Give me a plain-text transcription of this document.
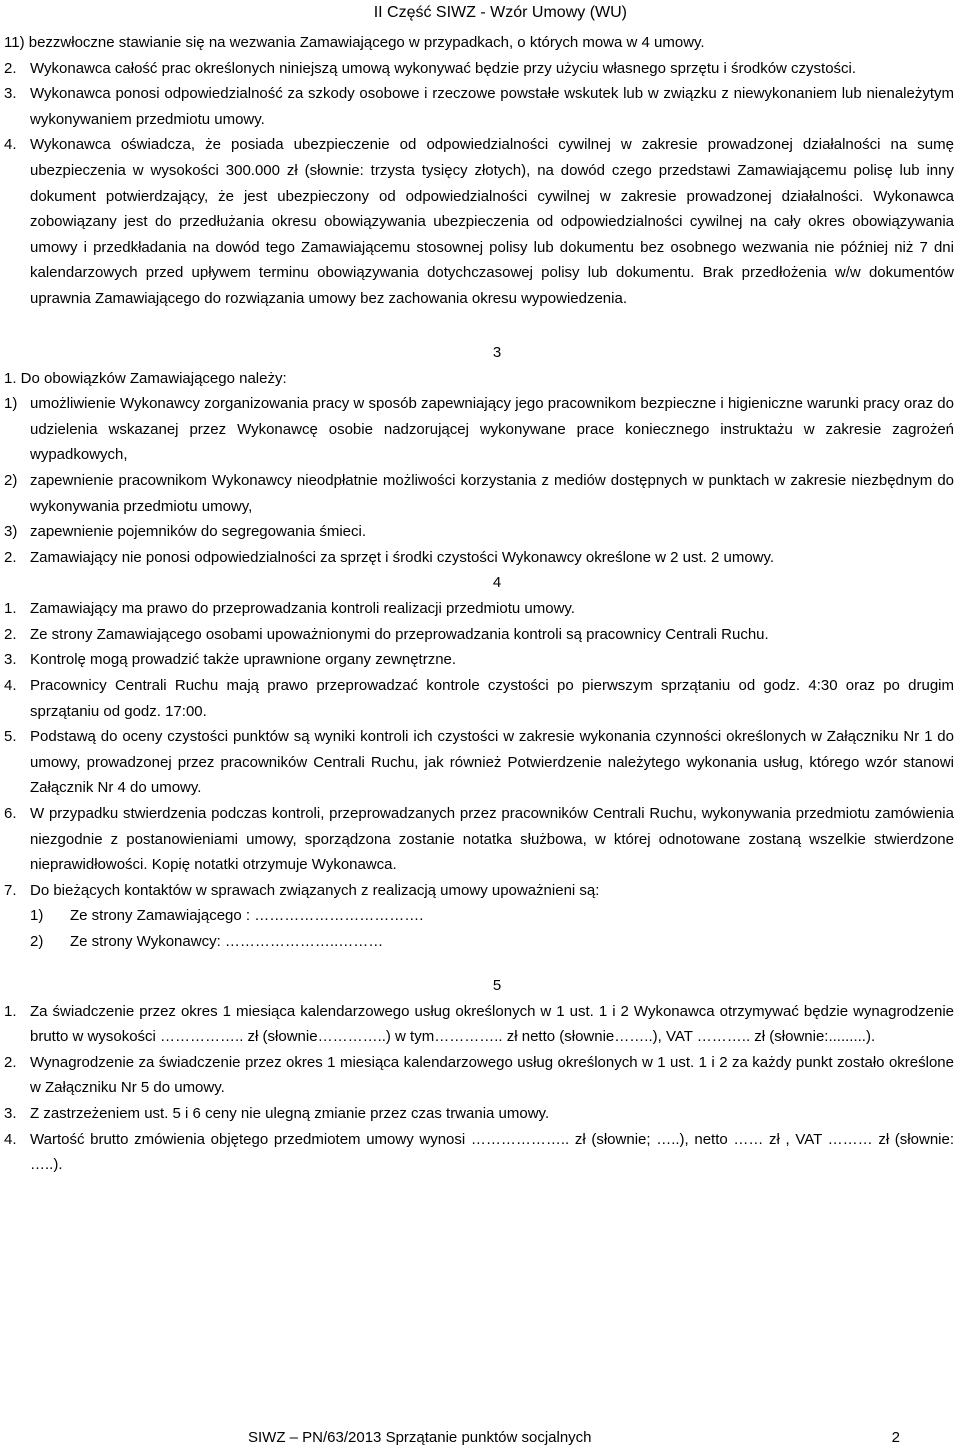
II Część SIWZ - Wzór Umowy (WU)

11) bezzwłoczne stawianie się na wezwania Zamawiającego w przypadkach, o których mowa w 4 umowy.

2. Wykonawca całość prac określonych niniejszą umową wykonywać będzie przy użyciu własnego sprzętu i środków czystości.
3. Wykonawca ponosi odpowiedzialność za szkody osobowe i rzeczowe powstałe wskutek lub w związku z niewykonaniem lub nienależytym wykonywaniem przedmiotu umowy.
4. Wykonawca oświadcza, że posiada ubezpieczenie od odpowiedzialności cywilnej w zakresie prowadzonej działalności na sumę ubezpieczenia w wysokości 300.000 zł (słownie: trzysta tysięcy złotych), na dowód czego przedstawi Zamawiającemu polisę lub inny dokument potwierdzający, że jest ubezpieczony od odpowiedzialności cywilnej w zakresie prowadzonej działalności. Wykonawca zobowiązany jest do przedłużania okresu obowiązywania ubezpieczenia od odpowiedzialności cywilnej na cały okres obowiązywania umowy i przedkładania na dowód tego Zamawiającemu stosownej polisy lub dokumentu bez osobnego wezwania nie później niż 7 dni kalendarzowych przed upływem terminu obowiązywania dotychczasowej polisy lub dokumentu. Brak przedłożenia w/w dokumentów uprawnia Zamawiającego do rozwiązania umowy bez zachowania okresu wypowiedzenia.

3

1. Do obowiązków Zamawiającego należy:

1) umożliwienie Wykonawcy zorganizowania pracy w sposób zapewniający jego pracownikom bezpieczne i higieniczne warunki pracy oraz do udzielenia wskazanej przez Wykonawcę osobie nadzorującej wykonywane prace koniecznego instruktażu w zakresie zagrożeń wypadkowych,
2) zapewnienie pracownikom Wykonawcy nieodpłatnie możliwości korzystania z mediów dostępnych w punktach w zakresie niezbędnym do wykonywania przedmiotu umowy,
3) zapewnienie pojemników do segregowania śmieci.
2. Zamawiający nie ponosi odpowiedzialności za sprzęt i środki czystości Wykonawcy określone w 2 ust. 2 umowy.

4

1. Zamawiający ma prawo do przeprowadzania kontroli realizacji przedmiotu umowy.
2. Ze strony Zamawiającego osobami upoważnionymi do przeprowadzania kontroli są pracownicy Centrali Ruchu.
3. Kontrolę mogą prowadzić także uprawnione organy zewnętrzne.
4. Pracownicy Centrali Ruchu mają prawo przeprowadzać kontrole czystości po pierwszym sprzątaniu od godz. 4:30 oraz po drugim sprzątaniu od godz. 17:00.
5. Podstawą do oceny czystości punktów są wyniki kontroli ich czystości w zakresie wykonania czynności określonych w Załączniku Nr 1 do umowy, prowadzonej przez pracowników Centrali Ruchu, jak również Potwierdzenie należytego wykonania usług, którego wzór stanowi Załącznik Nr 4 do umowy.
6. W przypadku stwierdzenia podczas kontroli, przeprowadzanych przez pracowników Centrali Ruchu, wykonywania przedmiotu zamówienia niezgodnie z postanowieniami umowy, sporządzona zostanie notatka służbowa, w której odnotowane zostaną wszelkie stwierdzone nieprawidłowości. Kopię notatki otrzymuje Wykonawca.
7. Do bieżących kontaktów w sprawach związanych z realizacją umowy upoważnieni są:
1)	Ze strony Zamawiającego : …………………………….
2)	Ze strony Wykonawcy: …………………..………

5

1. Za świadczenie przez okres 1 miesiąca kalendarzowego usług określonych w 1 ust. 1 i 2 Wykonawca otrzymywać będzie wynagrodzenie brutto w wysokości …………….. zł (słownie…………..) w tym………….. zł netto (słownie……..), VAT ……….. zł (słownie:.........).
2. Wynagrodzenie za świadczenie przez okres 1 miesiąca kalendarzowego usług określonych w 1 ust. 1 i 2 za każdy punkt zostało określone w Załączniku Nr 5 do umowy.
3. Z zastrzeżeniem ust. 5 i 6 ceny nie ulegną zmianie przez czas trwania umowy.
4. Wartość brutto zmówienia objętego przedmiotem umowy wynosi ……………….. zł (słownie; …..), netto …… zł , VAT ……… zł (słownie: …..).
SIWZ – PN/63/2013 Sprzątanie punktów socjalnych	2
